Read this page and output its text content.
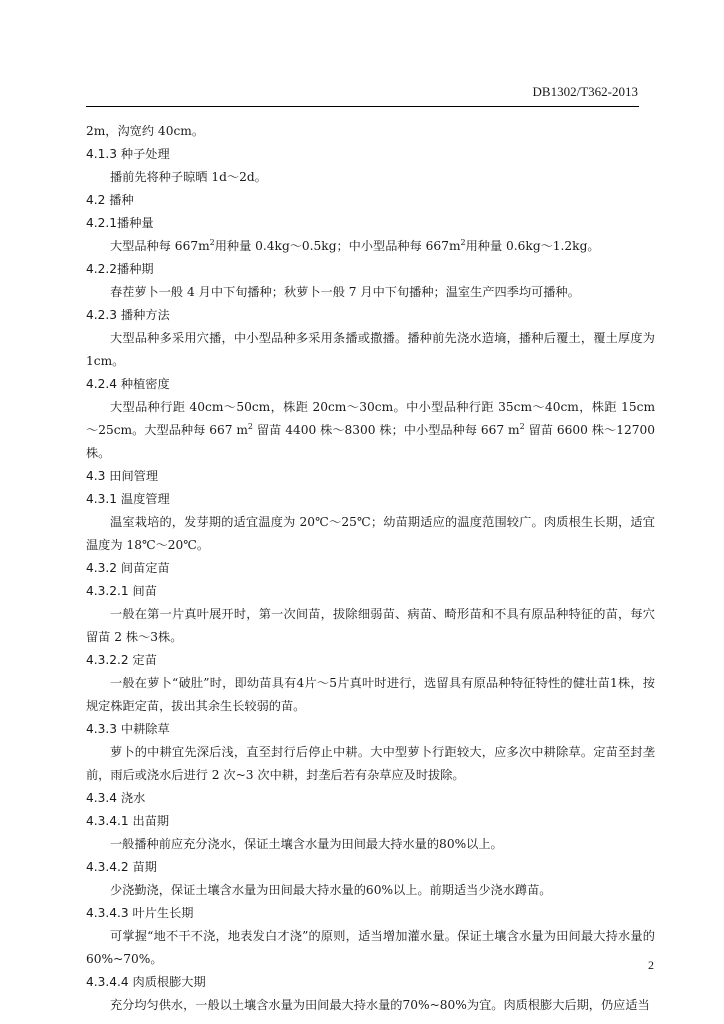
DB1302/T362-2013
2m，沟宽约 40cm。
4.1.3 种子处理
播前先将种子晾晒 1d～2d。
4.2 播种
4.2.1播种量
大型品种每 $667m^2$用种量 0.4kg～0.5kg；中小型品种每 $667m^2$用种量 0.6kg～1.2kg。
4.2.2播种期
春茬萝卜一般 4 月中下旬播种；秋萝卜一般 7 月中下旬播种；温室生产四季均可播种。
4.2.3 播种方法
大型品种多采用穴播，中小型品种多采用条播或撒播。播种前先浇水造墒，播种后覆土，覆土厚度为 1cm。
4.2.4 种植密度
大型品种行距 40cm～50cm，株距 20cm～30cm。中小型品种行距 35cm～40cm，株距 15cm～25cm。大型品种每 667 $m^2$ 留苗 4400 株～8300 株；中小型品种每 667 $m^2$ 留苗 6600 株～12700 株。
4.3 田间管理
4.3.1 温度管理
温室栽培的，发芽期的适宜温度为 20℃～25℃；幼苗期适应的温度范围较广。肉质根生长期，适宜温度为 18℃～20℃。
4.3.2 间苗定苗
4.3.2.1 间苗
一般在第一片真叶展开时，第一次间苗，拔除细弱苗、病苗、畸形苗和不具有原品种特征的苗，每穴留苗 2 株～3株。
4.3.2.2 定苗
一般在萝卜“破肚”时，即幼苗具有4片～5片真叶时进行，选留具有原品种特征特性的健壮苗1株，按规定株距定苗，拔出其余生长较弱的苗。
4.3.3 中耕除草
萝卜的中耕宜先深后浅，直至封行后停止中耕。大中型萝卜行距较大，应多次中耕除草。定苗至封垄前，雨后或浇水后进行 2 次~3 次中耕，封垄后若有杂草应及时拔除。
4.3.4 浇水
4.3.4.1 出苗期
一般播种前应充分浇水，保证土壤含水量为田间最大持水量的80%以上。
4.3.4.2 苗期
少浇勤浇，保证土壤含水量为田间最大持水量的60%以上。前期适当少浇水蹲苗。
4.3.4.3 叶片生长期
可掌握“地不干不浇，地表发白才浇”的原则，适当增加灌水量。保证土壤含水量为田间最大持水量的60%~70%。
4.3.4.4 肉质根膨大期
充分均匀供水，一般以土壤含水量为田间最大持水量的70%~80%为宜。肉质根膨大后期，仍应适当
2
